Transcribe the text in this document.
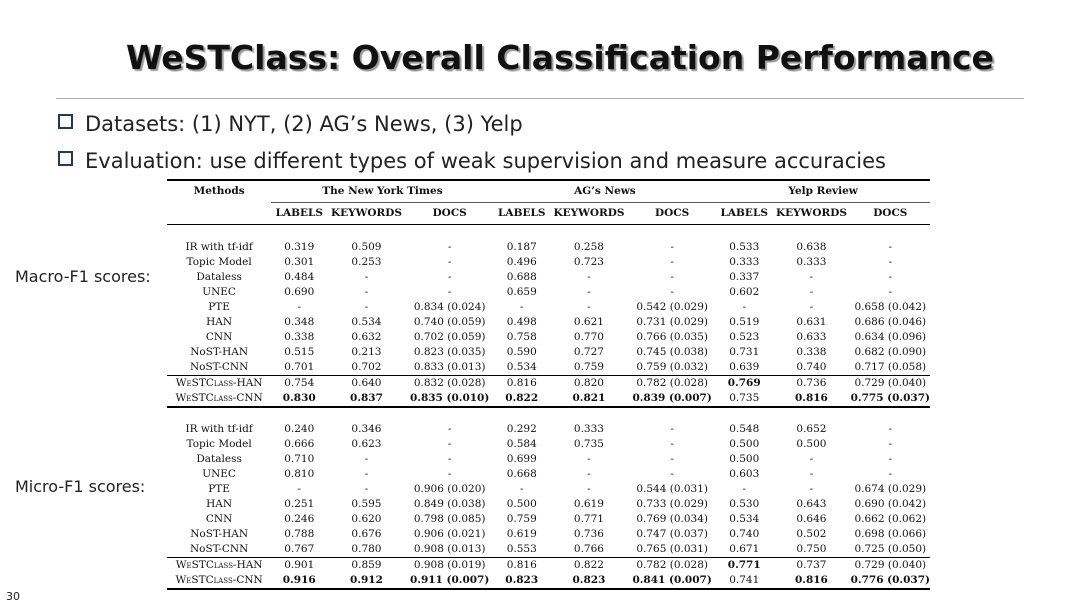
WeSTClass: Overall Classification Performance
Datasets: (1) NYT, (2) AG’s News, (3) Yelp
Evaluation: use different types of weak supervision and measure accuracies
Macro-F1 scores:
Micro-F1 scores:
30
Methods	The New York Times			AG’s News			Yelp Review		
	LABELS	KEYWORDS	DOCS	LABELS	KEYWORDS	DOCS	LABELS	KEYWORDS	DOCS

IR with tf-idf	0.319	0.509	-	0.187	0.258	-	0.533	0.638	-
Topic Model	0.301	0.253	-	0.496	0.723	-	0.333	0.333	-
Dataless	0.484	-	-	0.688	-	-	0.337	-	-
UNEC	0.690	-	-	0.659	-	-	0.602	-	-
PTE	-	-	0.834 (0.024)	-	-	0.542 (0.029)	-	-	0.658 (0.042)
HAN	0.348	0.534	0.740 (0.059)	0.498	0.621	0.731 (0.029)	0.519	0.631	0.686 (0.046)
CNN	0.338	0.632	0.702 (0.059)	0.758	0.770	0.766 (0.035)	0.523	0.633	0.634 (0.096)
NoST-HAN	0.515	0.213	0.823 (0.035)	0.590	0.727	0.745 (0.038)	0.731	0.338	0.682 (0.090)
NoST-CNN	0.701	0.702	0.833 (0.013)	0.534	0.759	0.759 (0.032)	0.639	0.740	0.717 (0.058)
WeSTClass-HAN	0.754	0.640	0.832 (0.028)	0.816	0.820	0.782 (0.028)	0.769	0.736	0.729 (0.040)
WeSTClass-CNN	0.830	0.837	0.835 (0.010)	0.822	0.821	0.839 (0.007)	0.735	0.816	0.775 (0.037)

IR with tf-idf	0.240	0.346	-	0.292	0.333	-	0.548	0.652	-
Topic Model	0.666	0.623	-	0.584	0.735	-	0.500	0.500	-
Dataless	0.710	-	-	0.699	-	-	0.500	-	-
UNEC	0.810	-	-	0.668	-	-	0.603	-	-
PTE	-	-	0.906 (0.020)	-	-	0.544 (0.031)	-	-	0.674 (0.029)
HAN	0.251	0.595	0.849 (0.038)	0.500	0.619	0.733 (0.029)	0.530	0.643	0.690 (0.042)
CNN	0.246	0.620	0.798 (0.085)	0.759	0.771	0.769 (0.034)	0.534	0.646	0.662 (0.062)
NoST-HAN	0.788	0.676	0.906 (0.021)	0.619	0.736	0.747 (0.037)	0.740	0.502	0.698 (0.066)
NoST-CNN	0.767	0.780	0.908 (0.013)	0.553	0.766	0.765 (0.031)	0.671	0.750	0.725 (0.050)
WeSTClass-HAN	0.901	0.859	0.908 (0.019)	0.816	0.822	0.782 (0.028)	0.771	0.737	0.729 (0.040)
WeSTClass-CNN	0.916	0.912	0.911 (0.007)	0.823	0.823	0.841 (0.007)	0.741	0.816	0.776 (0.037)
